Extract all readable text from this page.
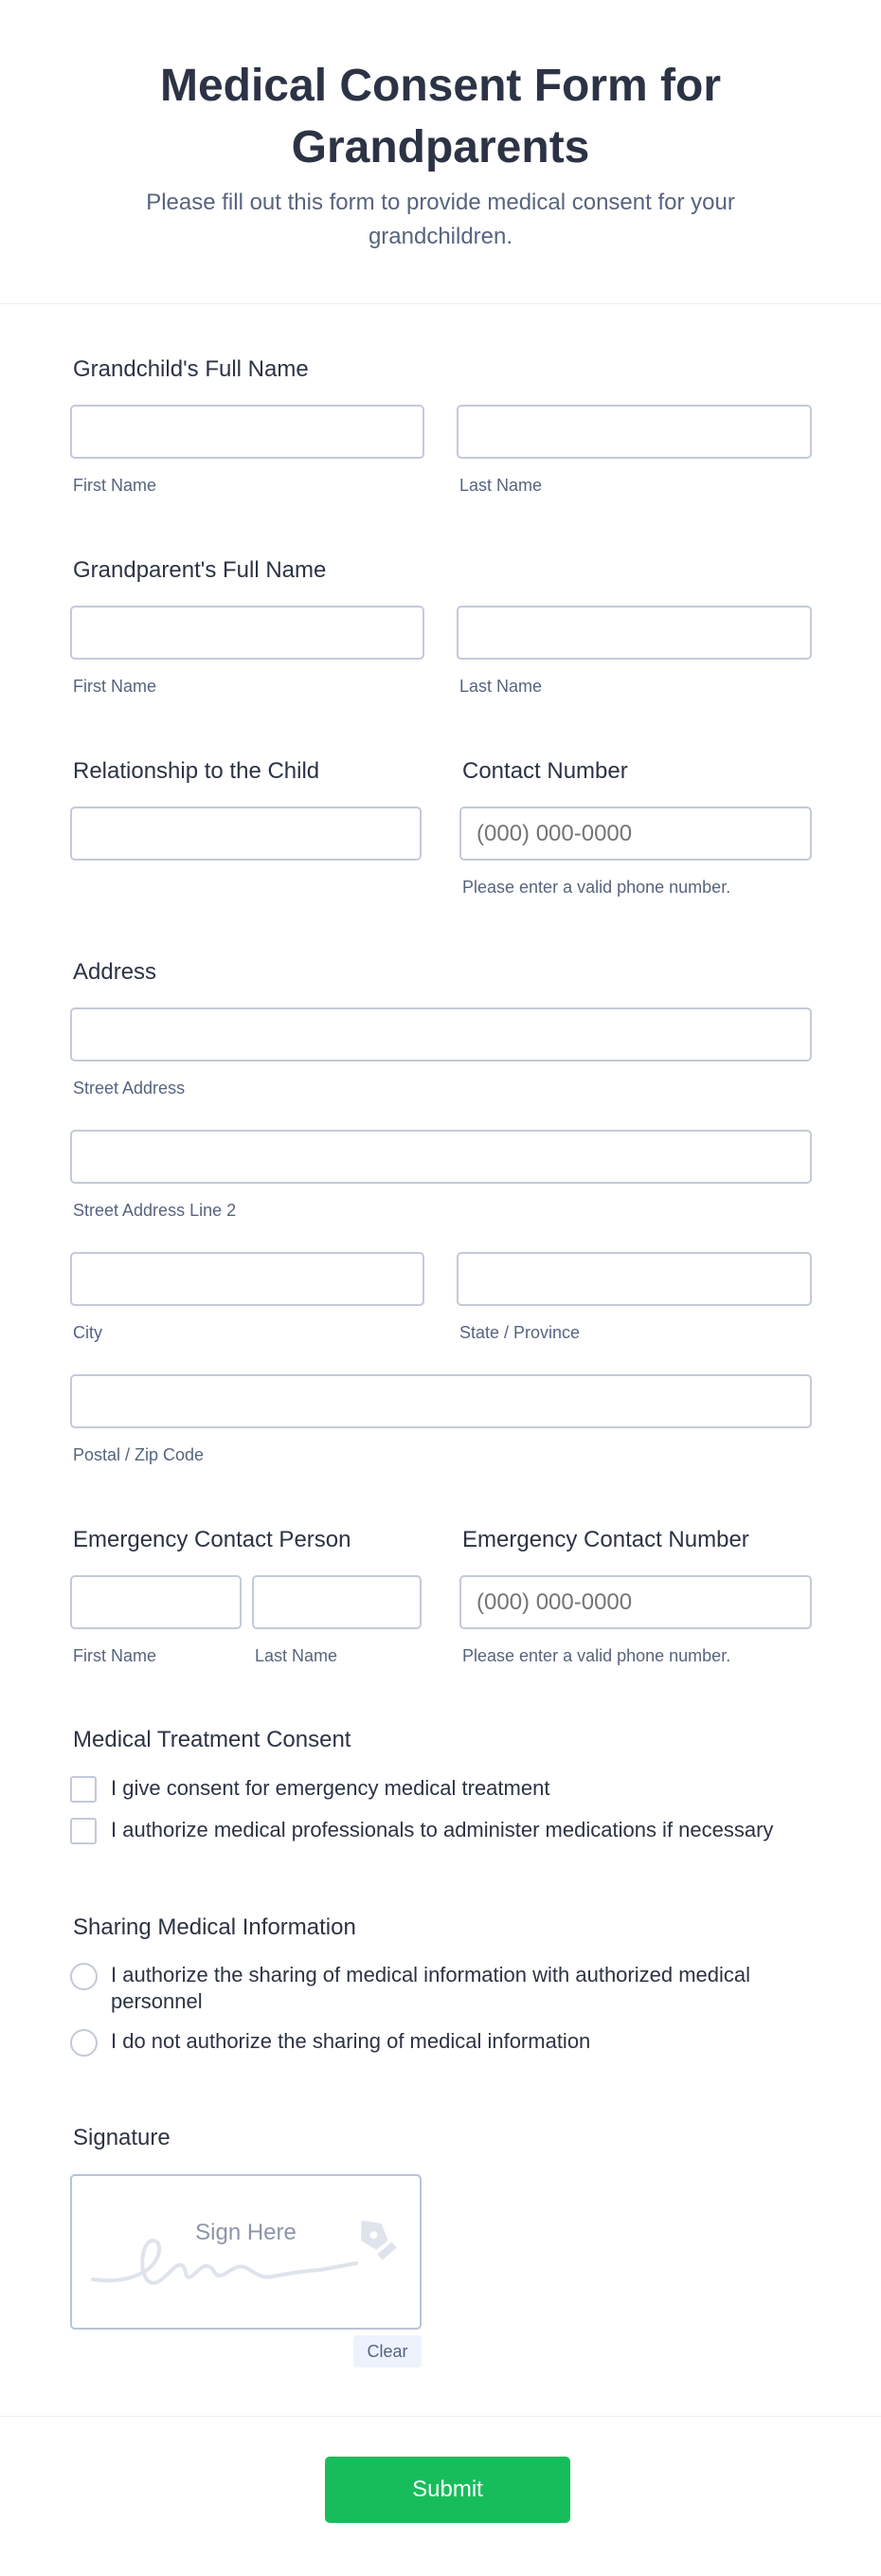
Medical Consent Form for Grandparents

Please fill out this form to provide medical consent for your grandchildren.

Grandchild's Full Name
First Name	Last Name
Grandparent's Full Name
First Name	Last Name
Relationship to the Child	Contact Number
(000) 000-0000
Please enter a valid phone number.
Address
Street Address
Street Address Line 2
City	State / Province
Postal / Zip Code
Emergency Contact Person
First Name	Last Name
Emergency Contact Number
(000) 000-0000
Please enter a valid phone number.
Medical Treatment Consent
I give consent for emergency medical treatment
I authorize medical professionals to administer medications if necessary
Sharing Medical Information
I authorize the sharing of medical information with authorized medical personnel
I do not authorize the sharing of medical information
Signature
Sign Here
Clear
Submit
